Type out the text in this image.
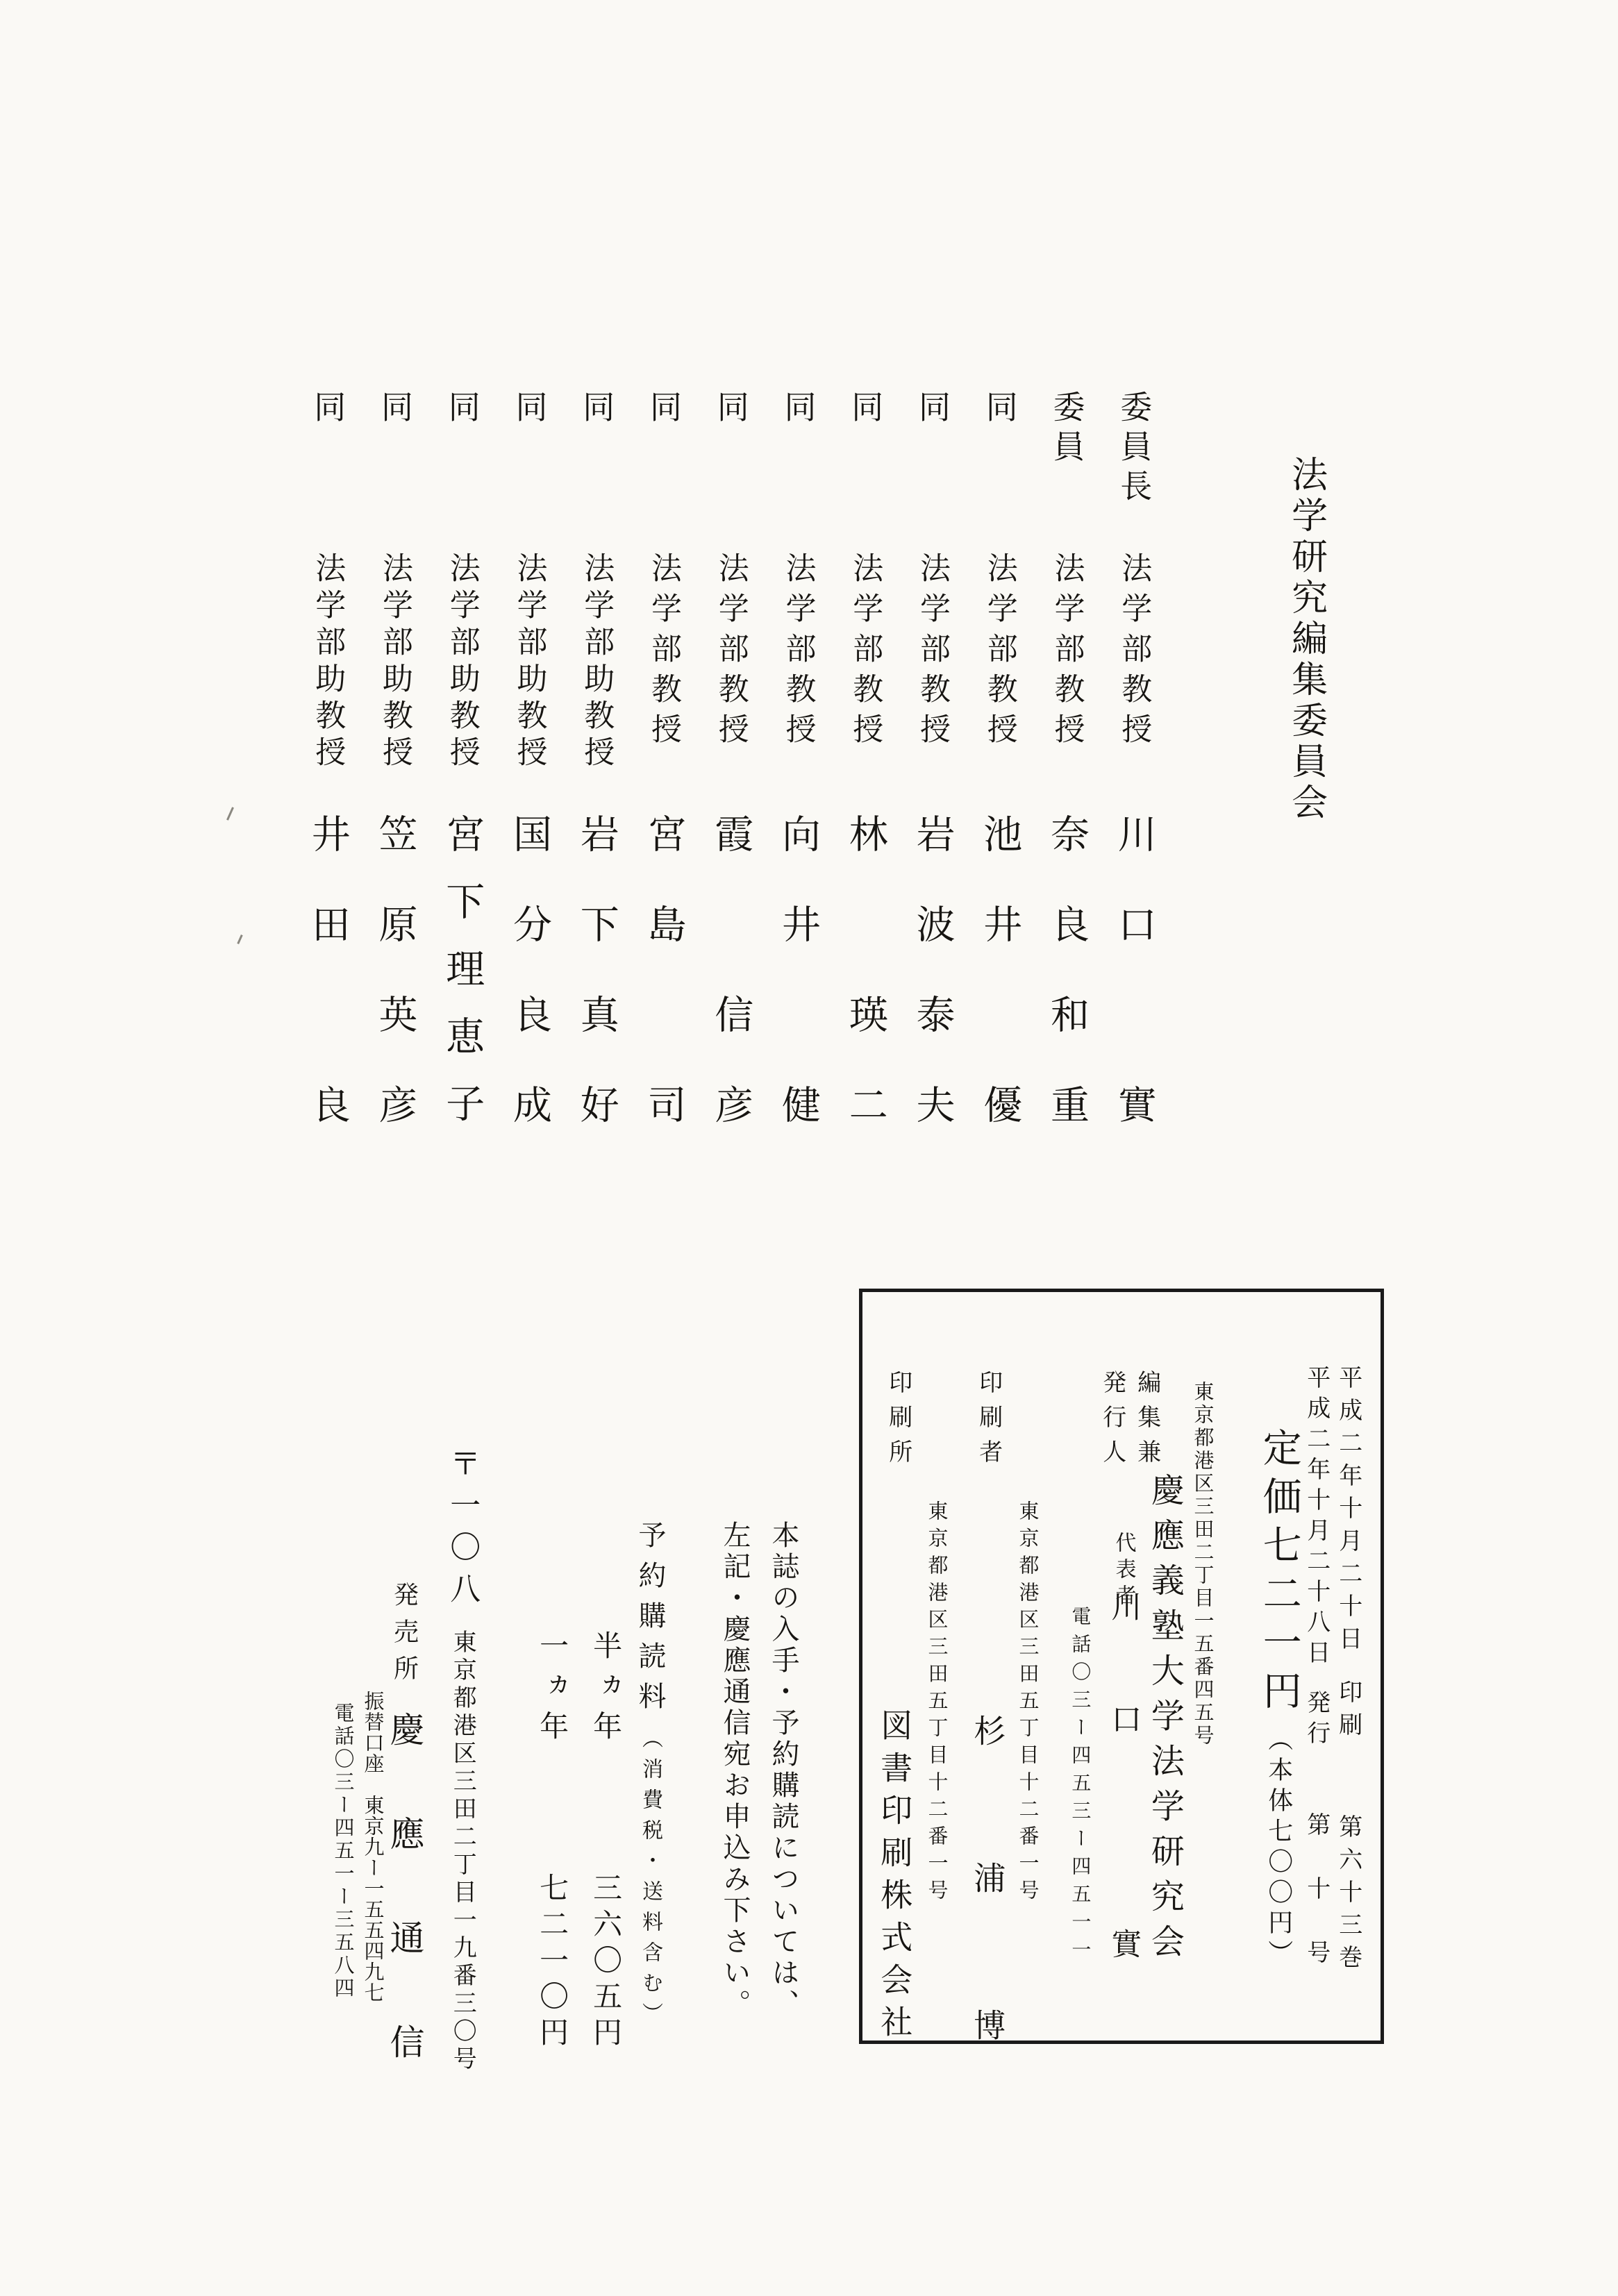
法学研究編集委員会
委員長
法学部教授
川口　實
委員
法学部教授
奈良和重
同
法学部教授
池井　優
同
法学部教授
岩波泰夫
同
法学部教授
林　瑛二
同
法学部教授
向井　健
同
法学部教授
霞　信彦
同
法学部教授
宮島　司
同
法学部助教授
岩下真好
同
法学部助教授
国分良成
同
法学部助教授
宮下理恵子
同
法学部助教授
笠原英彦
同
法学部助教授
井田　良
平成二年十月二十日印刷第六十三巻
平成二年十月二十八日発行第十号
定価七二一円（本体七〇〇円）
東京都港区三田二丁目一五番四五号
編集兼
発行人
慶應義塾大学法学研究会
代表者
川口　實
電話〇三ー四五三ー四五一一
東京都港区三田五丁目十二番一号
印刷者
杉浦博
東京都港区三田五丁目十二番一号
印刷所
図書印刷株式会社
本誌の入手・予約購読については、
左記・慶應通信宛お申込み下さい。
予約購読料（消費税・送料含む）
半ヵ年三六〇五円
一ヵ年七二一〇円
〒一〇八東京都港区三田二丁目一九番三〇号
発売所慶應通信
振替口座　東京九ー一五五四九七
電話〇三ー四五一ー三五八四
